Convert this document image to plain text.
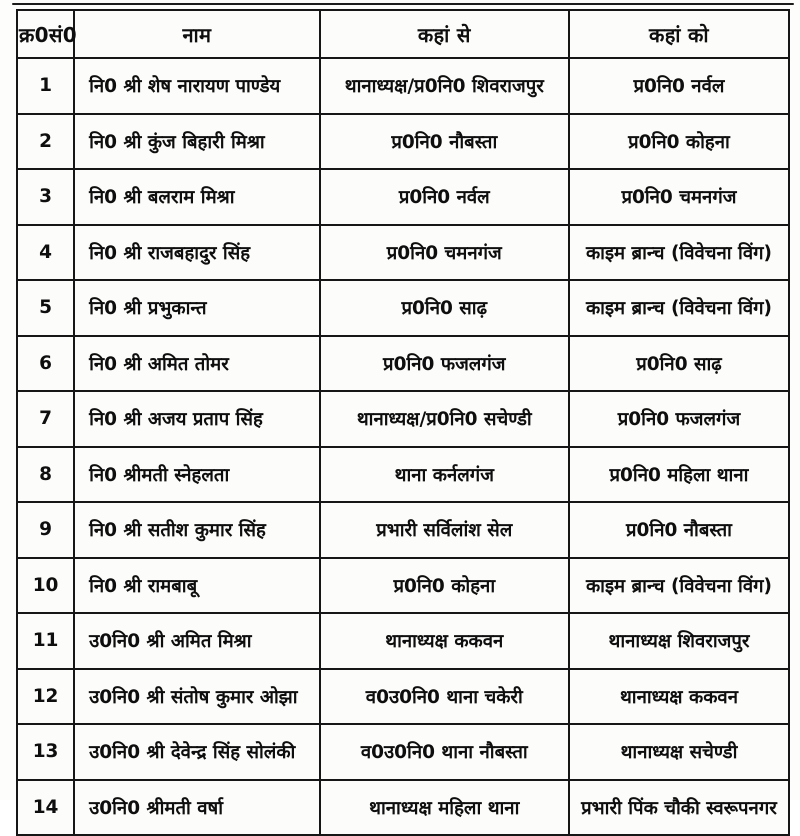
क्र0सं0	नाम	कहां से	कहां को
1	नि0 श्री शेष नारायण पाण्डेय	थानाध्यक्ष/प्र0नि0 शिवराजपुर	प्र0नि0 नर्वल
2	नि0 श्री कुंज बिहारी मिश्रा	प्र0नि0 नौबस्ता	प्र0नि0 कोहना
3	नि0 श्री बलराम मिश्रा	प्र0नि0 नर्वल	प्र0नि0 चमनगंज
4	नि0 श्री राजबहादुर सिंह	प्र0नि0 चमनगंज	काइम ब्रान्च (विवेचना विंग)
5	नि0 श्री प्रभुकान्त	प्र0नि0 साढ़	काइम ब्रान्च (विवेचना विंग)
6	नि0 श्री अमित तोमर	प्र0नि0 फजलगंज	प्र0नि0 साढ़
7	नि0 श्री अजय प्रताप सिंह	थानाध्यक्ष/प्र0नि0 सचेण्डी	प्र0नि0 फजलगंज
8	नि0 श्रीमती स्नेहलता	थाना कर्नलगंज	प्र0नि0 महिला थाना
9	नि0 श्री सतीश कुमार सिंह	प्रभारी सर्विलांश सेल	प्र0नि0 नौबस्ता
10	नि0 श्री रामबाबू	प्र0नि0 कोहना	काइम ब्रान्च (विवेचना विंग)
11	उ0नि0 श्री अमित मिश्रा	थानाध्यक्ष ककवन	थानाध्यक्ष शिवराजपुर
12	उ0नि0 श्री संतोष कुमार ओझा	व0उ0नि0 थाना चकेरी	थानाध्यक्ष ककवन
13	उ0नि0 श्री देवेन्द्र सिंह सोलंकी	व0उ0नि0 थाना नौबस्ता	थानाध्यक्ष सचेण्डी
14	उ0नि0 श्रीमती वर्षा	थानाध्यक्ष महिला थाना	प्रभारी पिंक चौकी स्वरूपनगर
